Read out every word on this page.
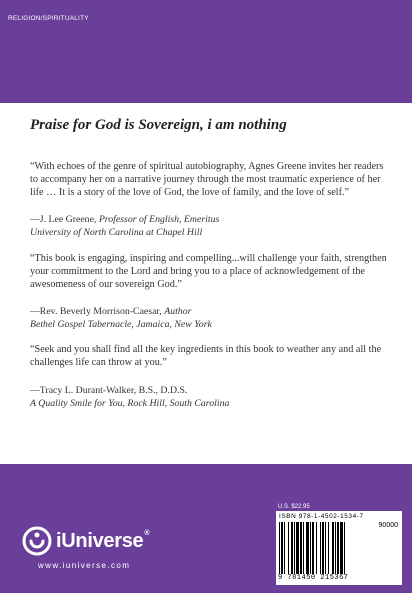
RELIGION/SPIRITUALITY
Praise for God is Sovereign, i am nothing
“With echoes of the genre of spiritual autobiography, Agnes Greene invites her readers to accompany her on a narrative journey through the most traumatic experience of her life … It is a story of the love of God, the love of family, and the love of self.”
—J. Lee Greene, Professor of English, Emeritus
University of North Carolina at Chapel Hill
“This book is engaging, inspiring and compelling...will challenge your faith, strengthen your commitment to the Lord and bring you to a place of acknowledgement of the awesomeness of our sovereign God.”
—Rev. Beverly Morrison-Caesar, Author
Bethel Gospel Tabernacle, Jamaica, New York
“Seek and you shall find all the key ingredients in this book to weather any and all the challenges life can throw at you.”
—Tracy L. Durant-Walker, B.S., D.D.S.
A Quality Smile for You, Rock Hill, South Carolina
iUniverse®
www.iuniverse.com
U.S. $22.95
ISBN 978-1-4502-1534-7
90000
9 781450 215367
